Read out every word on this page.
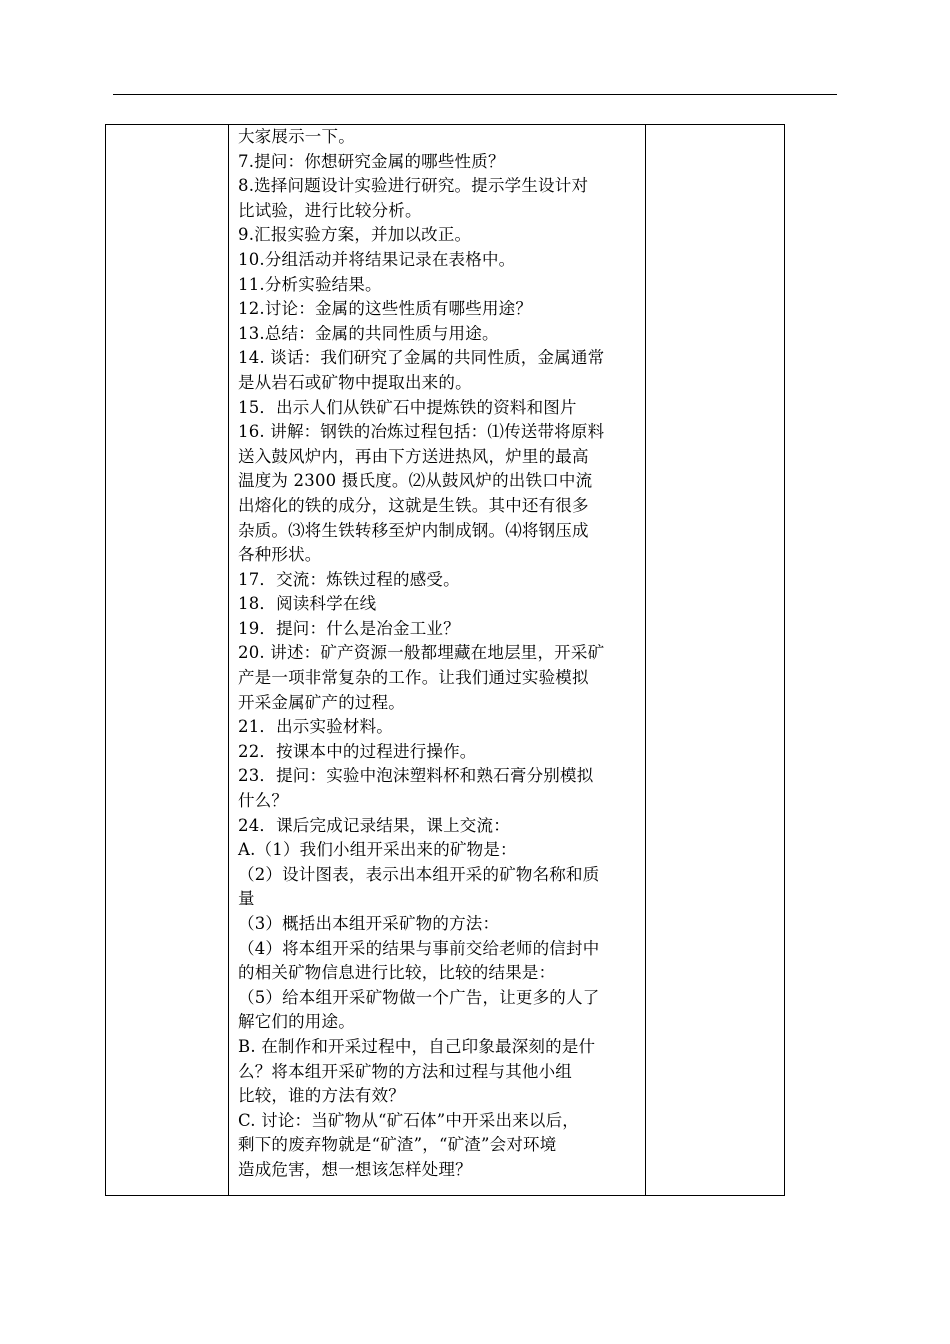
大家展示一下。

7.提问：你想研究金属的哪些性质？

8.选择问题设计实验进行研究。提示学生设计对

比试验，进行比较分析。

9.汇报实验方案，并加以改正。

10.分组活动并将结果记录在表格中。

11.分析实验结果。

12.讨论：金属的这些性质有哪些用途？

13.总结：金属的共同性质与用途。

14. 谈话：我们研究了金属的共同性质，金属通常

是从岩石或矿物中提取出来的。

15．出示人们从铁矿石中提炼铁的资料和图片

16. 讲解：钢铁的冶炼过程包括：⑴传送带将原料

送入鼓风炉内，再由下方送进热风，炉里的最高

温度为 2300 摄氏度。⑵从鼓风炉的出铁口中流

出熔化的铁的成分，这就是生铁。其中还有很多

杂质。⑶将生铁转移至炉内制成钢。⑷将钢压成

各种形状。

17．交流：炼铁过程的感受。

18．阅读科学在线

19．提问：什么是冶金工业？

20. 讲述：矿产资源一般都埋藏在地层里，开采矿

产是一项非常复杂的工作。让我们通过实验模拟

开采金属矿产的过程。

21．出示实验材料。

22．按课本中的过程进行操作。

23．提问：实验中泡沫塑料杯和熟石膏分别模拟

什么？

24．课后完成记录结果，课上交流：

A.（1）我们小组开采出来的矿物是：

（2）设计图表，表示出本组开采的矿物名称和质

量

（3）概括出本组开采矿物的方法：

（4）将本组开采的结果与事前交给老师的信封中

的相关矿物信息进行比较，比较的结果是：

（5）给本组开采矿物做一个广告，让更多的人了

解它们的用途。

B. 在制作和开采过程中，自己印象最深刻的是什

么？将本组开采矿物的方法和过程与其他小组

比较，谁的方法有效？

C. 讨论：当矿物从“矿石体”中开采出来以后，

剩下的废弃物就是“矿渣”，“矿渣”会对环境

造成危害，想一想该怎样处理？
